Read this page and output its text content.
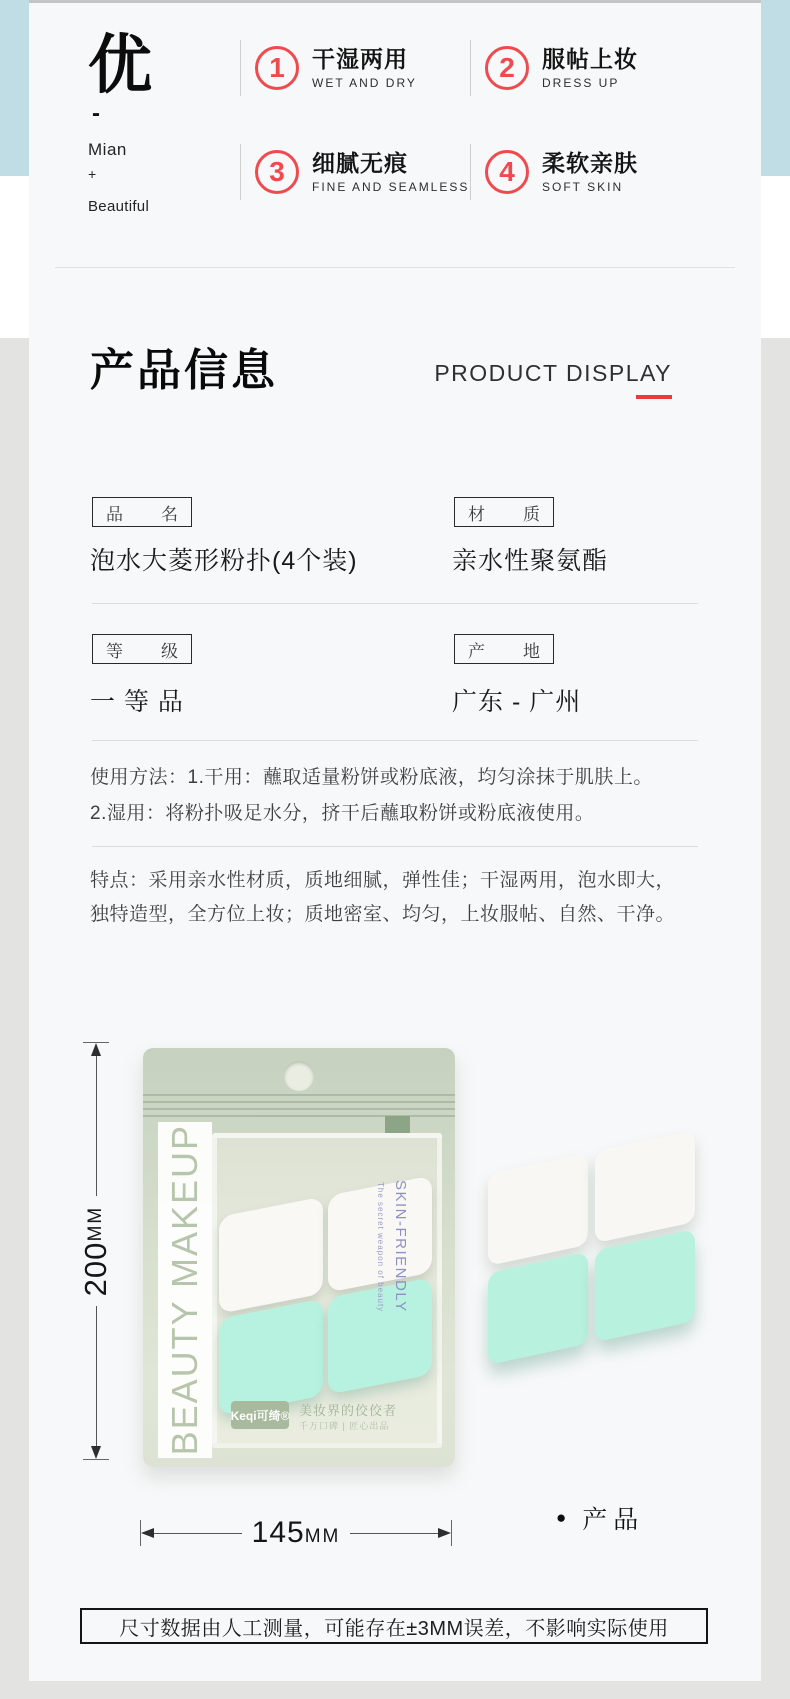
优
-
Mian
+
Beautiful
1 干湿两用
WET AND DRY
2 服帖上妆
DRESS UP
3 细腻无痕
FINE AND SEAMLESS
4 柔软亲肤
SOFT SKIN
产品信息	PRODUCT DISPLAY
品 名
泡水大菱形粉扑(4个装)
材 质
亲水性聚氨酯
等 级
一 等 品
产 地
广东 - 广州
使用方法：1.干用：蘸取适量粉饼或粉底液，均匀涂抹于肌肤上。
2.湿用：将粉扑吸足水分，挤干后蘸取粉饼或粉底液使用。
特点：采用亲水性材质，质地细腻，弹性佳；干湿两用，泡水即大，
独特造型，全方位上妆；质地密室、均匀，上妆服帖、自然、干净。
200
MM	The secret weapon of beauty SKIN-FRIENDLY
BEAUTY MAKEUP Keqi可绮® 美妆界的佼佼者
千万口碑 | 匠心出品
145MM
● 产品
尺寸数据由人工测量，可能存在±3MM误差，不影响实际使用
